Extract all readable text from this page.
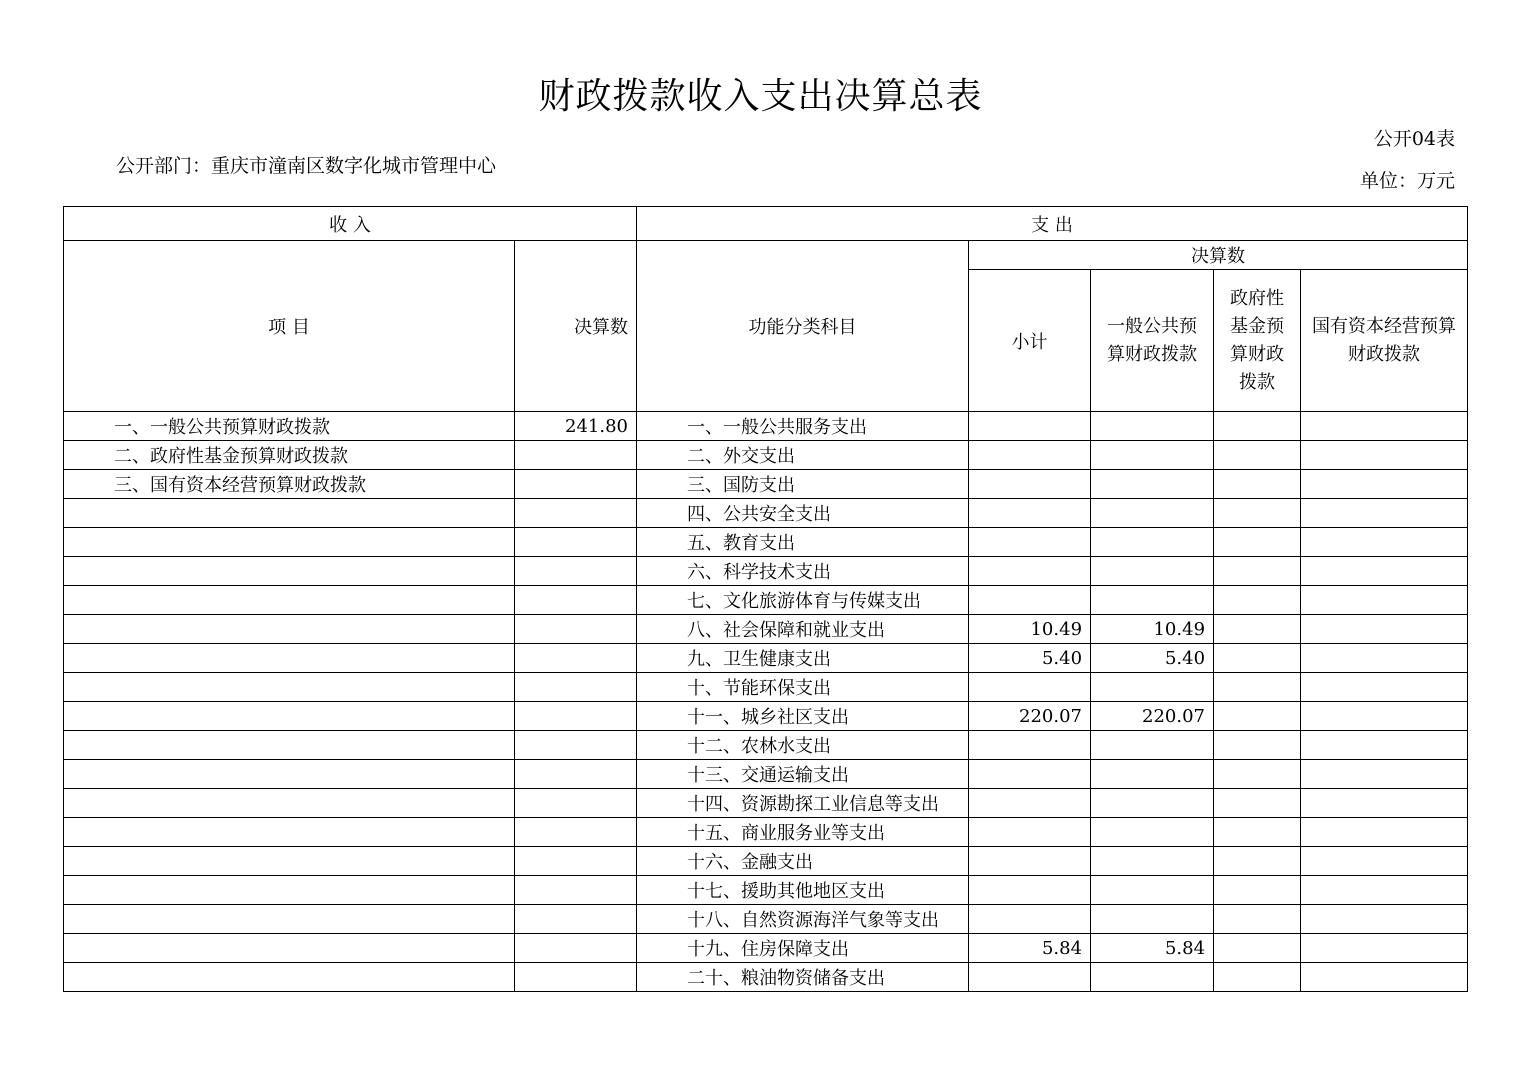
财政拨款收入支出决算总表
公开04表
公开部门：重庆市潼南区数字化城市管理中心
单位：万元
收 入		支 出				
项 目	决算数	功能分类科目	决算数			
			小计	一般公共预算财政拨款	政府性基金预算财政拨款	国有资本经营预算财政拨款
一、一般公共预算财政拨款	241.80	一、一般公共服务支出				
二、政府性基金预算财政拨款		二、外交支出				
三、国有资本经营预算财政拨款		三、国防支出				
		四、公共安全支出				
		五、教育支出				
		六、科学技术支出				
		七、文化旅游体育与传媒支出				
		八、社会保障和就业支出	10.49	10.49		
		九、卫生健康支出	5.40	5.40		
		十、节能环保支出				
		十一、城乡社区支出	220.07	220.07		
		十二、农林水支出				
		十三、交通运输支出				
		十四、资源勘探工业信息等支出				
		十五、商业服务业等支出				
		十六、金融支出				
		十七、援助其他地区支出				
		十八、自然资源海洋气象等支出				
		十九、住房保障支出	5.84	5.84		
		二十、粮油物资储备支出				
